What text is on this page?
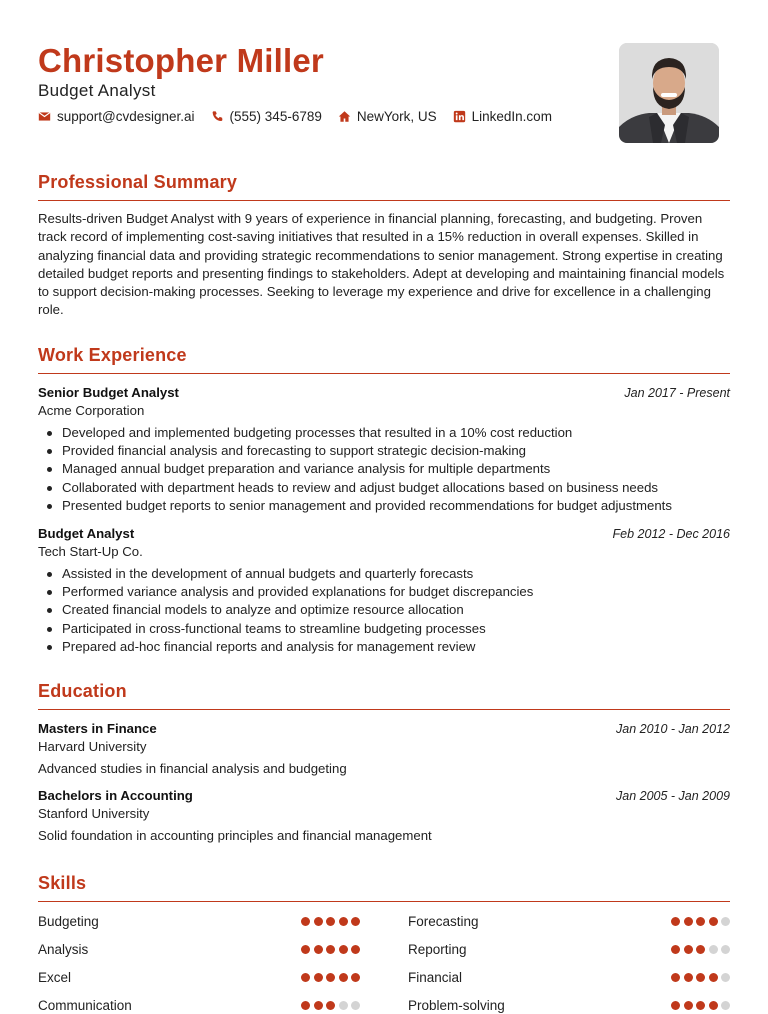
Christopher Miller
Budget Analyst
support@cvdesigner.ai	(555) 345-6789	NewYork, US	LinkedIn.com
Professional Summary
Results-driven Budget Analyst with 9 years of experience in financial planning, forecasting, and budgeting. Proven track record of implementing cost-saving initiatives that resulted in a 15% reduction in overall expenses. Skilled in analyzing financial data and providing strategic recommendations to senior management. Strong expertise in creating detailed budget reports and presenting findings to stakeholders. Adept at developing and maintaining financial models to support decision-making processes. Seeking to leverage my experience and drive for excellence in a challenging role.
Work Experience
Senior Budget Analyst	Jan 2017 - Present
Acme Corporation
Developed and implemented budgeting processes that resulted in a 10% cost reduction
Provided financial analysis and forecasting to support strategic decision-making
Managed annual budget preparation and variance analysis for multiple departments
Collaborated with department heads to review and adjust budget allocations based on business needs
Presented budget reports to senior management and provided recommendations for budget adjustments
Budget Analyst	Feb 2012 - Dec 2016
Tech Start-Up Co.
Assisted in the development of annual budgets and quarterly forecasts
Performed variance analysis and provided explanations for budget discrepancies
Created financial models to analyze and optimize resource allocation
Participated in cross-functional teams to streamline budgeting processes
Prepared ad-hoc financial reports and analysis for management review
Education
Masters in Finance	Jan 2010 - Jan 2012
Harvard University
Advanced studies in financial analysis and budgeting
Bachelors in Accounting	Jan 2005 - Jan 2009
Stanford University
Solid foundation in accounting principles and financial management
Skills
Budgeting	Forecasting
Analysis	Reporting
Excel	Financial
Communication	Problem-solving
